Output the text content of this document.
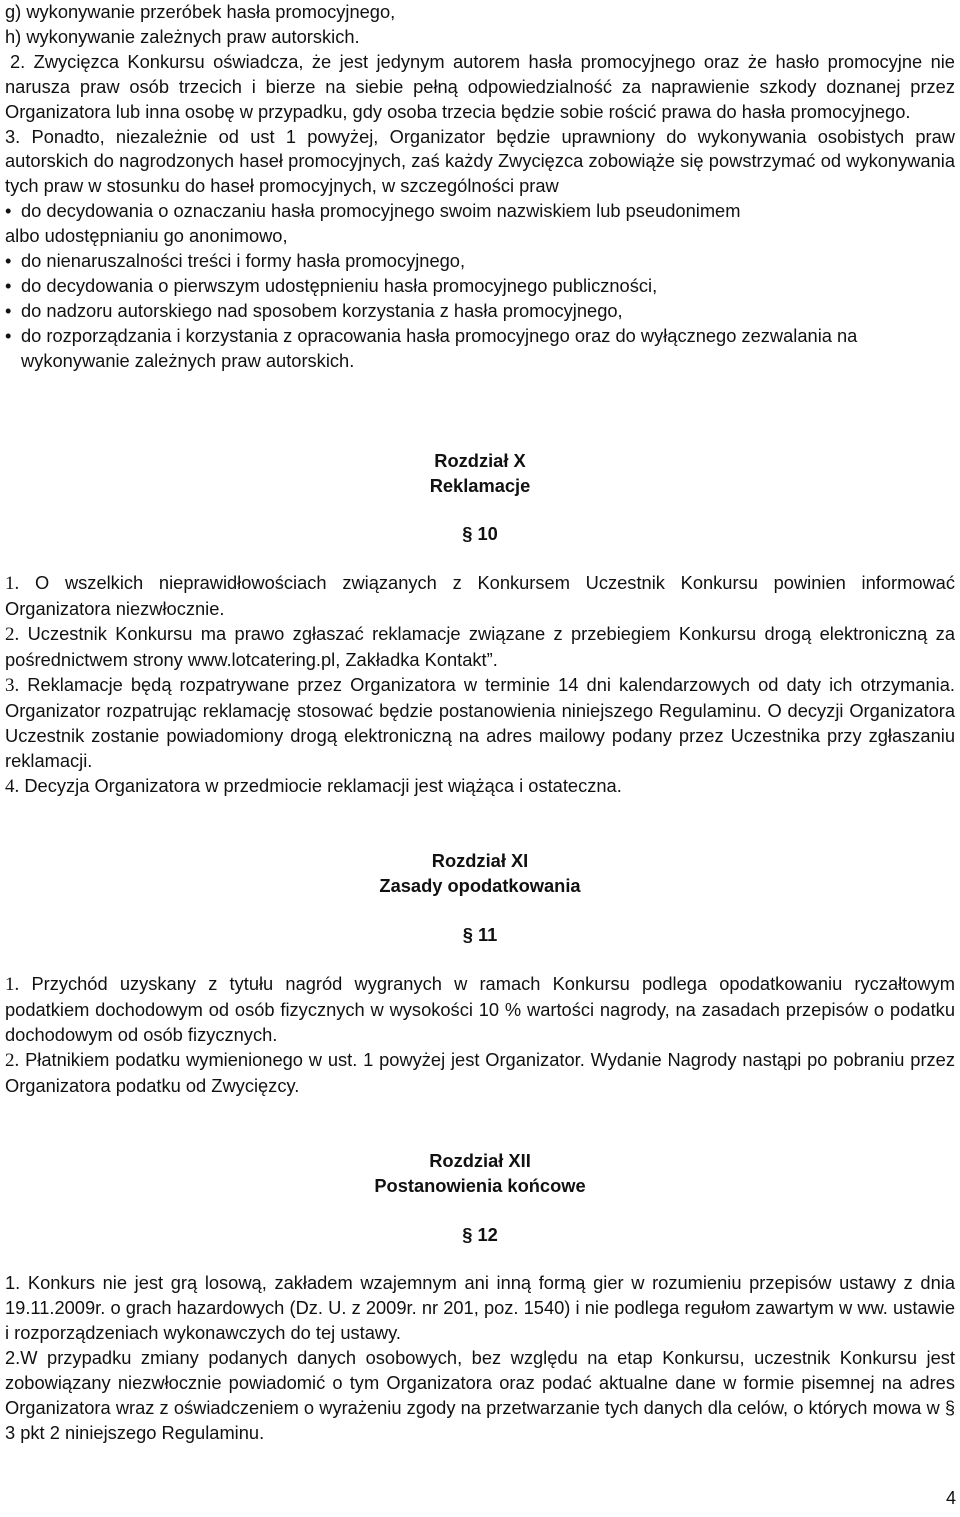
g) wykonywanie przeróbek hasła promocyjnego,

h) wykonywanie zależnych praw autorskich.

2. Zwycięzca Konkursu oświadcza, że jest jedynym autorem hasła promocyjnego oraz że hasło promocyjne nie narusza praw osób trzecich i bierze na siebie pełną odpowiedzialność za naprawienie szkody doznanej przez Organizatora lub inna osobę w przypadku, gdy osoba trzecia będzie sobie rościć prawa do hasła promocyjnego.

3. Ponadto, niezależnie od ust 1 powyżej, Organizator będzie uprawniony do wykonywania osobistych praw autorskich do nagrodzonych haseł promocyjnych, zaś każdy Zwycięzca zobowiąże się powstrzymać od wykonywania tych praw w stosunku do haseł promocyjnych, w szczególności praw

• do decydowania o oznaczaniu hasła promocyjnego swoim nazwiskiem lub pseudonimem

albo udostępnianiu go anonimowo,

• do nienaruszalności treści i formy hasła promocyjnego,
• do decydowania o pierwszym udostępnieniu hasła promocyjnego publiczności,
• do nadzoru autorskiego nad sposobem korzystania z hasła promocyjnego,
• do rozporządzania i korzystania z opracowania hasła promocyjnego oraz do wyłącznego zezwalania na wykonywanie zależnych praw autorskich.

Rozdział X

Reklamacje

§ 10

1. O wszelkich nieprawidłowościach związanych z Konkursem Uczestnik Konkursu powinien informować Organizatora niezwłocznie.

2. Uczestnik Konkursu ma prawo zgłaszać reklamacje związane z przebiegiem Konkursu drogą elektroniczną za pośrednictwem strony www.lotcatering.pl, Zakładka Kontakt”.

3. Reklamacje będą rozpatrywane przez Organizatora w terminie 14 dni kalendarzowych od daty ich otrzymania. Organizator rozpatrując reklamację stosować będzie postanowienia niniejszego Regulaminu. O decyzji Organizatora Uczestnik zostanie powiadomiony drogą elektroniczną na adres mailowy podany przez Uczestnika przy zgłaszaniu reklamacji.

4. Decyzja Organizatora w przedmiocie reklamacji jest wiążąca i ostateczna.

Rozdział XI

Zasady opodatkowania

§ 11

1. Przychód uzyskany z tytułu nagród wygranych w ramach Konkursu podlega opodatkowaniu ryczałtowym podatkiem dochodowym od osób fizycznych w wysokości 10 % wartości nagrody, na zasadach przepisów o podatku dochodowym od osób fizycznych.

2. Płatnikiem podatku wymienionego w ust. 1 powyżej jest Organizator. Wydanie Nagrody nastąpi po pobraniu przez Organizatora podatku od Zwycięzcy.

Rozdział XII

Postanowienia końcowe

§ 12

1. Konkurs nie jest grą losową, zakładem wzajemnym ani inną formą gier w rozumieniu przepisów ustawy z dnia 19.11.2009r. o grach hazardowych (Dz. U. z 2009r. nr 201, poz. 1540) i nie podlega regułom zawartym w ww. ustawie i rozporządzeniach wykonawczych do tej ustawy.

2.W przypadku zmiany podanych danych osobowych, bez względu na etap Konkursu, uczestnik Konkursu jest zobowiązany niezwłocznie powiadomić o tym Organizatora oraz podać aktualne dane w formie pisemnej na adres Organizatora wraz z oświadczeniem o wyrażeniu zgody na przetwarzanie tych danych dla celów, o których mowa w § 3 pkt 2 niniejszego Regulaminu.

4
